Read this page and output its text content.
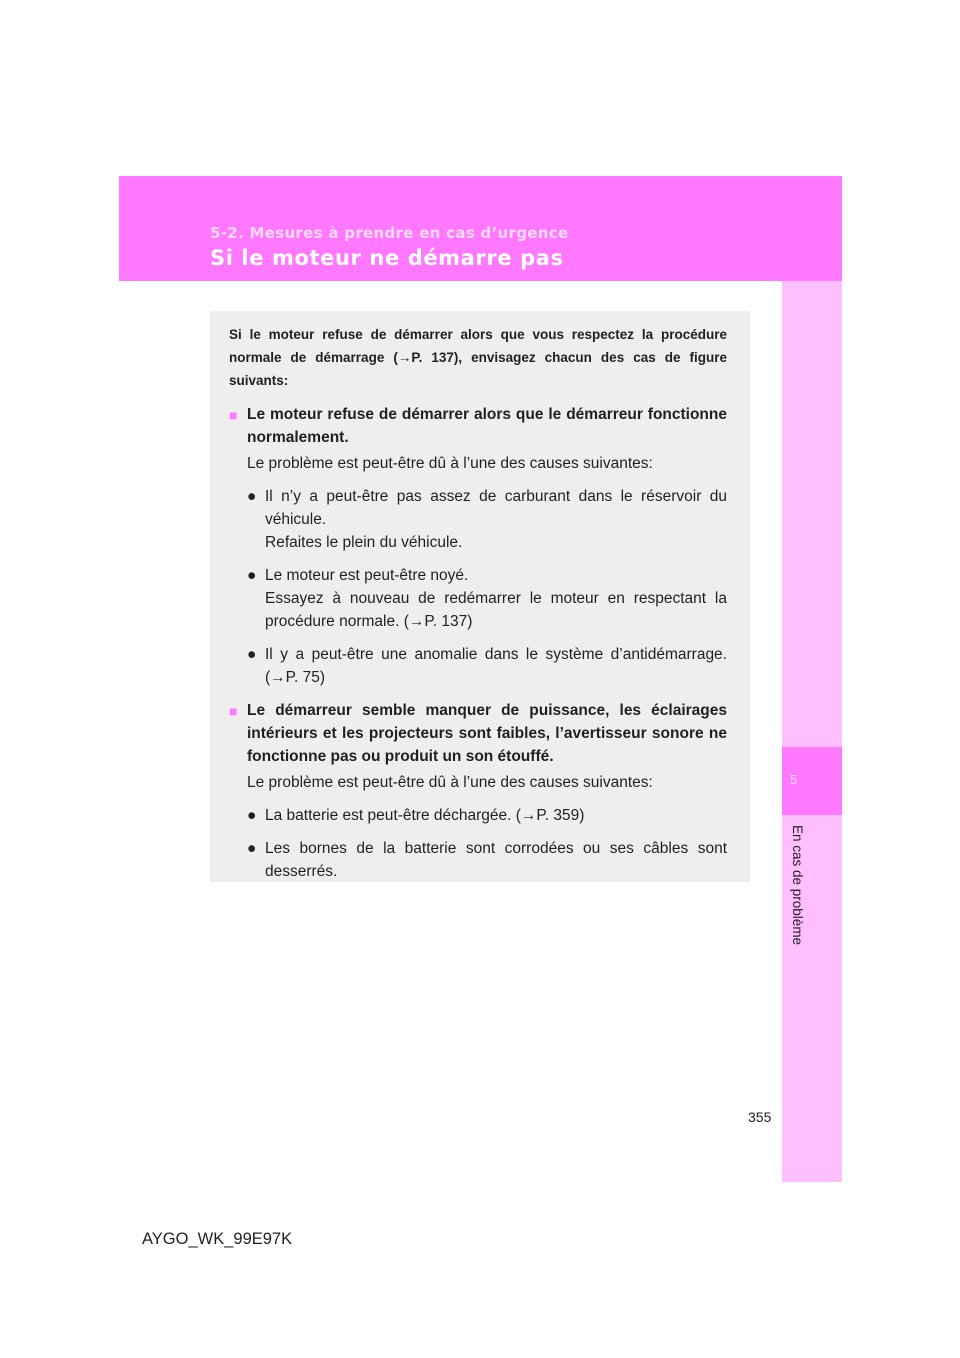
5-2. Mesures à prendre en cas d’urgence
Si le moteur ne démarre pas
5
En cas de problème

Si le moteur refuse de démarrer alors que vous respectez la procédure normale de démarrage (→P. 137), envisagez chacun des cas de figure suivants:

■ Le moteur refuse de démarrer alors que le démarreur fonctionne normalement.
Le problème est peut-être dû à l’une des causes suivantes:
● Il n’y a peut-être pas assez de carburant dans le réservoir du véhicule.
Refaites le plein du véhicule.
● Le moteur est peut-être noyé.
Essayez à nouveau de redémarrer le moteur en respectant la procédure normale. (→P. 137)
● Il y a peut-être une anomalie dans le système d’antidémarrage. (→P. 75)
■ Le démarreur semble manquer de puissance, les éclairages intérieurs et les projecteurs sont faibles, l’avertisseur sonore ne fonctionne pas ou produit un son étouffé.
Le problème est peut-être dû à l’une des causes suivantes:
● La batterie est peut-être déchargée. (→P. 359)
● Les bornes de la batterie sont corrodées ou ses câbles sont desserrés.
355
AYGO_WK_99E97K
